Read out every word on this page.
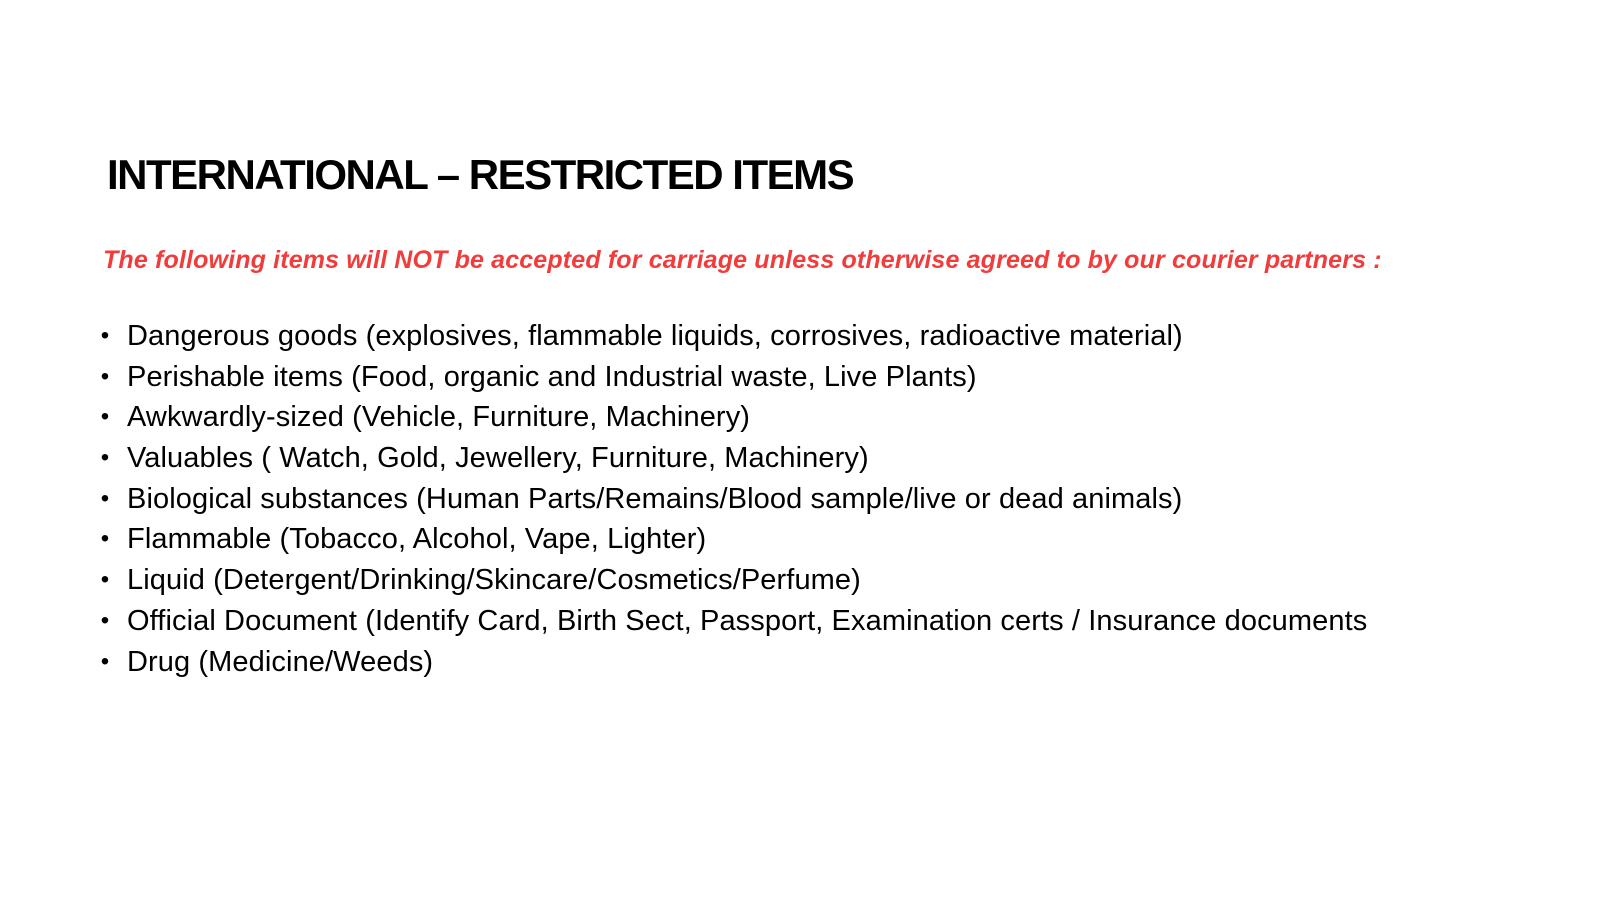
INTERNATIONAL – RESTRICTED ITEMS

The following items will NOT be accepted for carriage unless otherwise agreed to by our courier partners :

• Dangerous goods (explosives, flammable liquids, corrosives, radioactive material)
• Perishable items (Food, organic and Industrial waste, Live Plants)
• Awkwardly-sized (Vehicle, Furniture, Machinery)
• Valuables ( Watch, Gold, Jewellery, Furniture, Machinery)
• Biological substances (Human Parts/Remains/Blood sample/live or dead animals)
• Flammable (Tobacco, Alcohol, Vape, Lighter)
• Liquid (Detergent/Drinking/Skincare/Cosmetics/Perfume)
• Official Document (Identify Card, Birth Sect, Passport, Examination certs / Insurance documents
• Drug (Medicine/Weeds)
